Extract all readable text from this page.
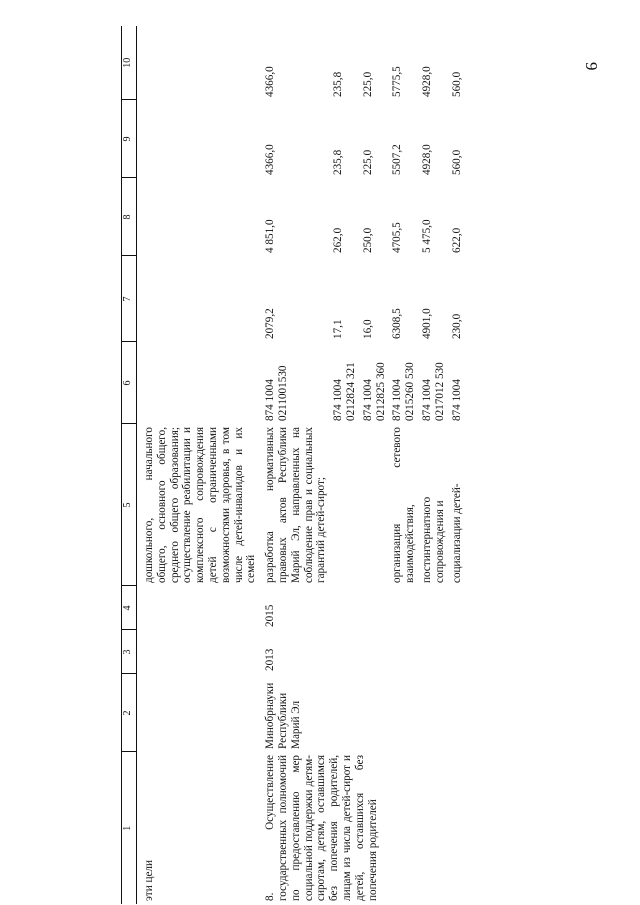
9
1	2	3	4	5	6	7	8	9	10
эти цели				дошкольного, начального общего, основного общего, среднего общего образования; осуществление реабилитации и комплексного сопровождения детей с ограниченными возможностями здоровья, в том числе детей-инвалидов и их семей					
8. Осуществление государственных полномочий по предоставлению мер социальной поддержки детям-сиротам, детям, оставшимся без попечения родителей, лицам из числа детей-сирот и детей, оставшихся без попечения родителей	Минобрнауки Республики Марий Эл	2013	2015	разработка нормативных правовых актов Республики Марий Эл, направленных на соблюдение прав и социальных гарантий детей-сирот;	874 1004 0211001530	2079,2	4 851,0	4366,0	4366,0

					874 1004 0212824 321	17,1	262,0	235,8	235,8

					874 1004 0212825 360	16,0	250,0	225,0	225,0
				организация сетевого взаимодействия,	874 1004 0215260 530	6308,5	4705,5	5507,2	5775,5
				постинтернатного сопровождения и	874 1004 0217012 530	4901,0	5 475,0	4928,0	4928,0
				социализации детей-	874 1004	230,0	622,0	560,0	560,0
